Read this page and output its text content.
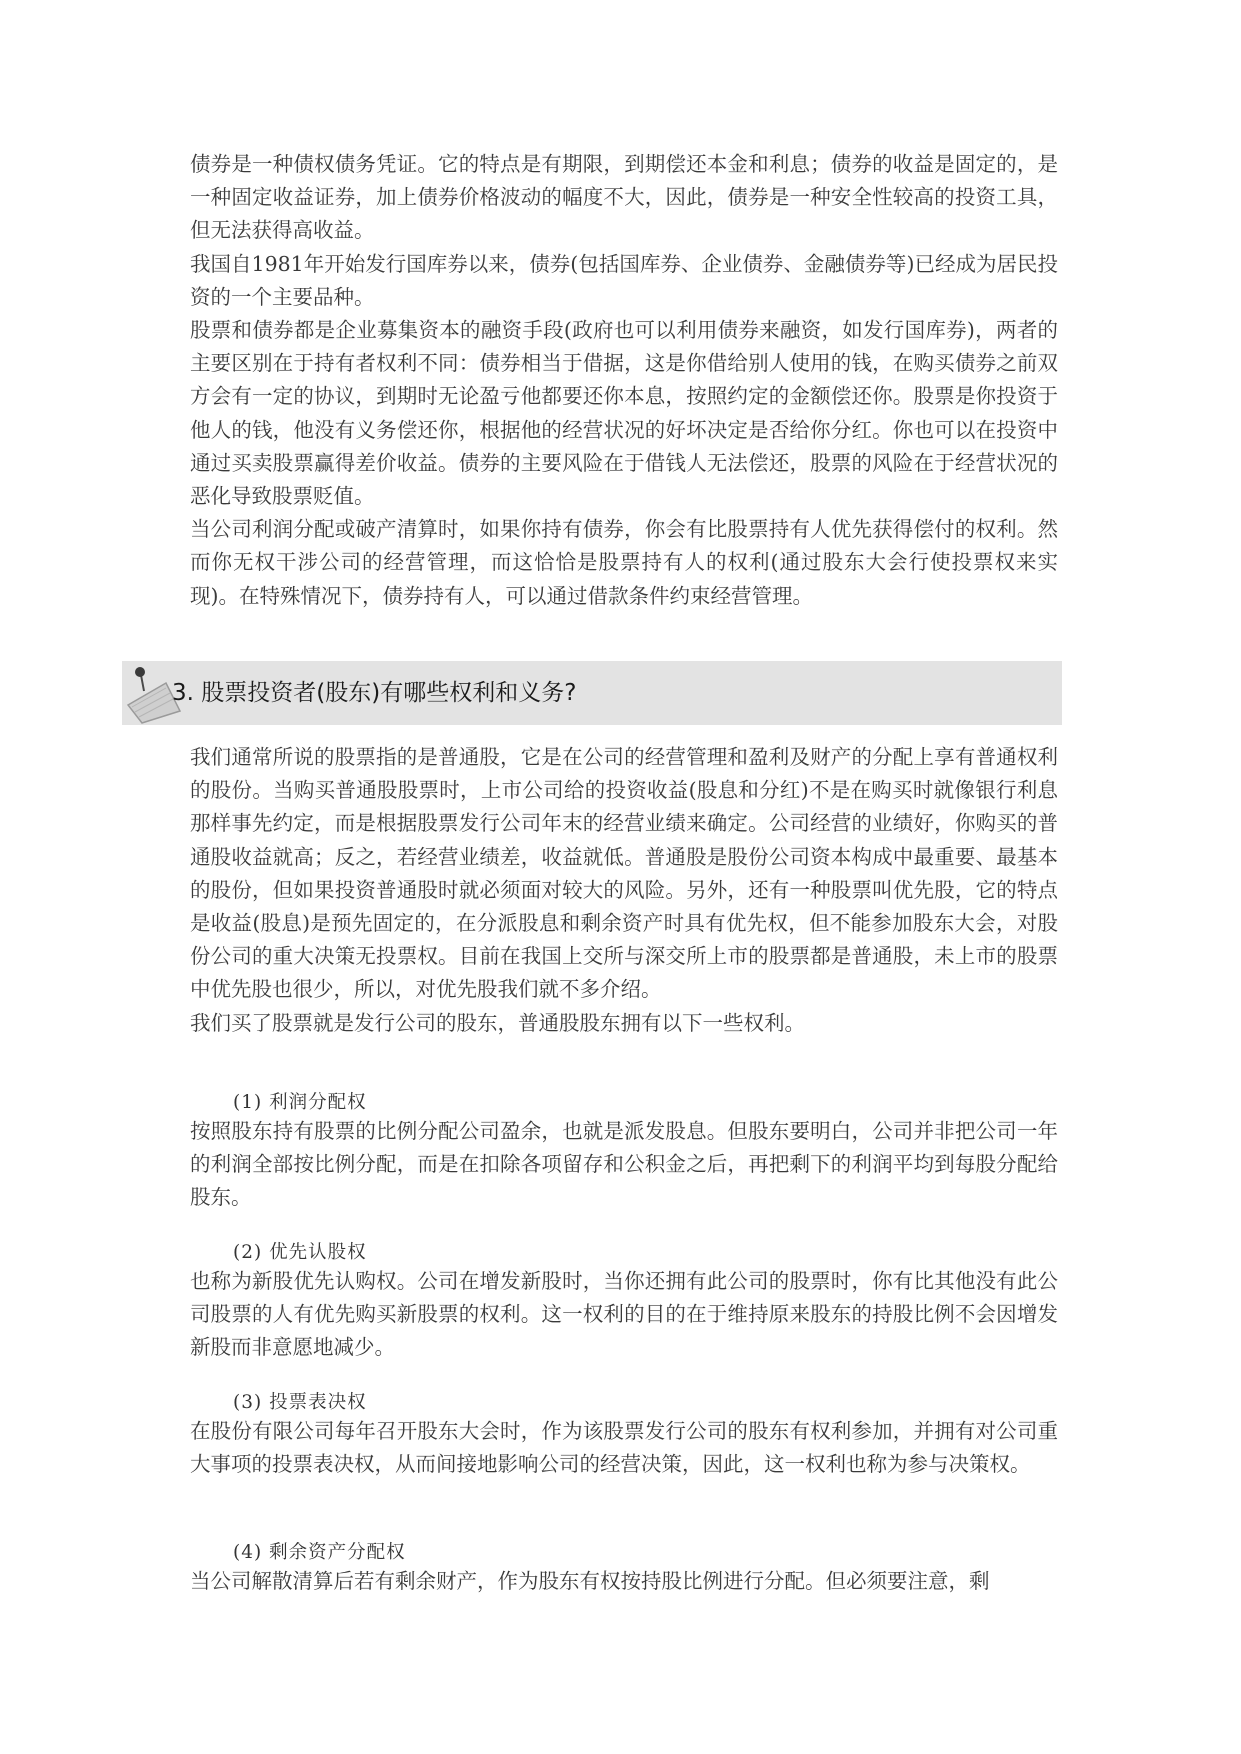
债券是一种债权债务凭证。它的特点是有期限，到期偿还本金和利息；债券的收益是固定的，是一种固定收益证券，加上债券价格波动的幅度不大，因此，债券是一种安全性较高的投资工具，但无法获得高收益。

我国自1981年开始发行国库券以来，债券(包括国库券、企业债券、金融债券等)已经成为居民投资的一个主要品种。

股票和债券都是企业募集资本的融资手段(政府也可以利用债券来融资，如发行国库券)，两者的主要区别在于持有者权利不同：债券相当于借据，这是你借给别人使用的钱，在购买债券之前双方会有一定的协议，到期时无论盈亏他都要还你本息，按照约定的金额偿还你。股票是你投资于他人的钱，他没有义务偿还你，根据他的经营状况的好坏决定是否给你分红。你也可以在投资中通过买卖股票赢得差价收益。债券的主要风险在于借钱人无法偿还，股票的风险在于经营状况的恶化导致股票贬值。

当公司利润分配或破产清算时，如果你持有债券，你会有比股票持有人优先获得偿付的权利。然而你无权干涉公司的经营管理，而这恰恰是股票持有人的权利(通过股东大会行使投票权来实现)。在特殊情况下，债券持有人，可以通过借款条件约束经营管理。

3. 股票投资者(股东)有哪些权利和义务?

我们通常所说的股票指的是普通股，它是在公司的经营管理和盈利及财产的分配上享有普通权利的股份。当购买普通股股票时，上市公司给的投资收益(股息和分红)不是在购买时就像银行利息那样事先约定，而是根据股票发行公司年末的经营业绩来确定。公司经营的业绩好，你购买的普通股收益就高；反之，若经营业绩差，收益就低。普通股是股份公司资本构成中最重要、最基本的股份，但如果投资普通股时就必须面对较大的风险。另外，还有一种股票叫优先股，它的特点是收益(股息)是预先固定的，在分派股息和剩余资产时具有优先权，但不能参加股东大会，对股份公司的重大决策无投票权。目前在我国上交所与深交所上市的股票都是普通股，未上市的股票中优先股也很少，所以，对优先股我们就不多介绍。

我们买了股票就是发行公司的股东，普通股股东拥有以下一些权利。

(1) 利润分配权

按照股东持有股票的比例分配公司盈余，也就是派发股息。但股东要明白，公司并非把公司一年的利润全部按比例分配，而是在扣除各项留存和公积金之后，再把剩下的利润平均到每股分配给股东。

(2) 优先认股权

也称为新股优先认购权。公司在增发新股时，当你还拥有此公司的股票时，你有比其他没有此公司股票的人有优先购买新股票的权利。这一权利的目的在于维持原来股东的持股比例不会因增发新股而非意愿地减少。

(3) 投票表决权

在股份有限公司每年召开股东大会时，作为该股票发行公司的股东有权利参加，并拥有对公司重大事项的投票表决权，从而间接地影响公司的经营决策，因此，这一权利也称为参与决策权。

(4) 剩余资产分配权

当公司解散清算后若有剩余财产，作为股东有权按持股比例进行分配。但必须要注意，剩
